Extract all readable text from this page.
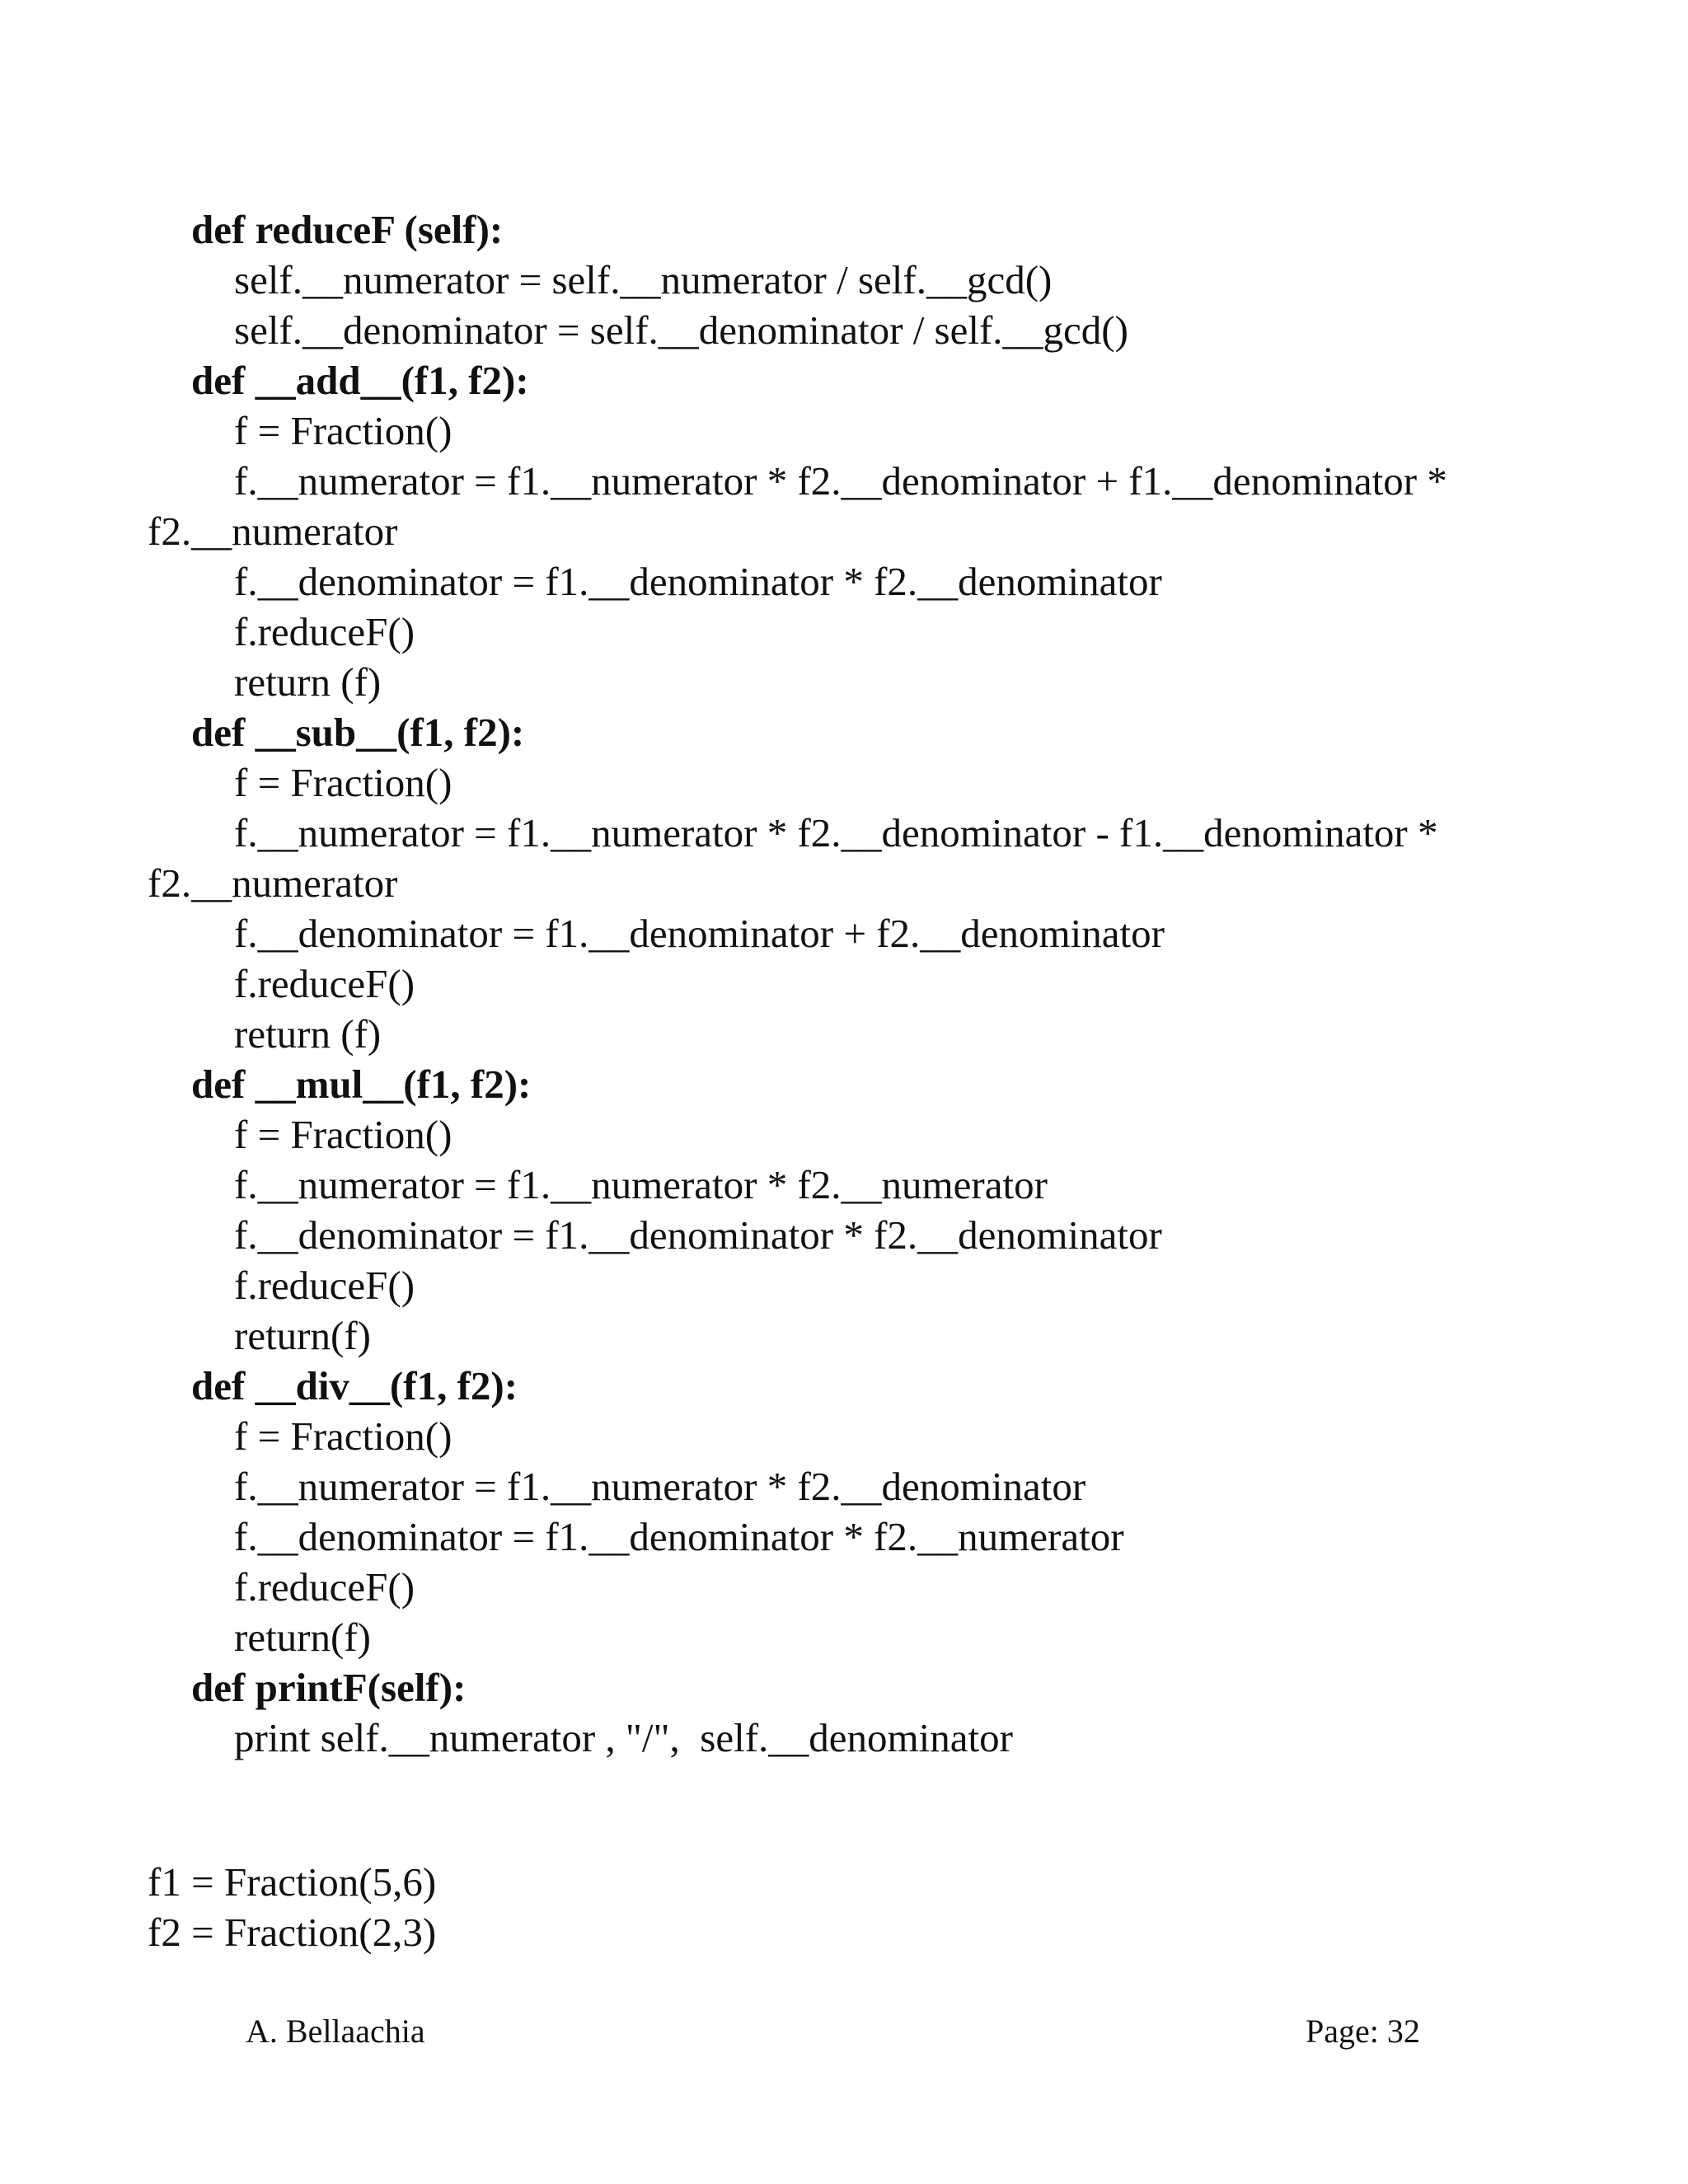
def reduceF (self):
self.__numerator = self.__numerator / self.__gcd()
self.__denominator = self.__denominator / self.__gcd()
def __add__(f1, f2):
f = Fraction()
f.__numerator = f1.__numerator * f2.__denominator + f1.__denominator *
f2.__numerator
f.__denominator = f1.__denominator * f2.__denominator
f.reduceF()
return (f)
def __sub__(f1, f2):
f = Fraction()
f.__numerator = f1.__numerator * f2.__denominator - f1.__denominator *
f2.__numerator
f.__denominator = f1.__denominator + f2.__denominator
f.reduceF()
return (f)
def __mul__(f1, f2):
f = Fraction()
f.__numerator = f1.__numerator * f2.__numerator
f.__denominator = f1.__denominator * f2.__denominator
f.reduceF()
return(f)
def __div__(f1, f2):
f = Fraction()
f.__numerator = f1.__numerator * f2.__denominator
f.__denominator = f1.__denominator * f2.__numerator
f.reduceF()
return(f)
def printF(self):
print self.__numerator , "/",  self.__denominator
f1 = Fraction(5,6)
f2 = Fraction(2,3)
A. Bellaachia	Page: 32
